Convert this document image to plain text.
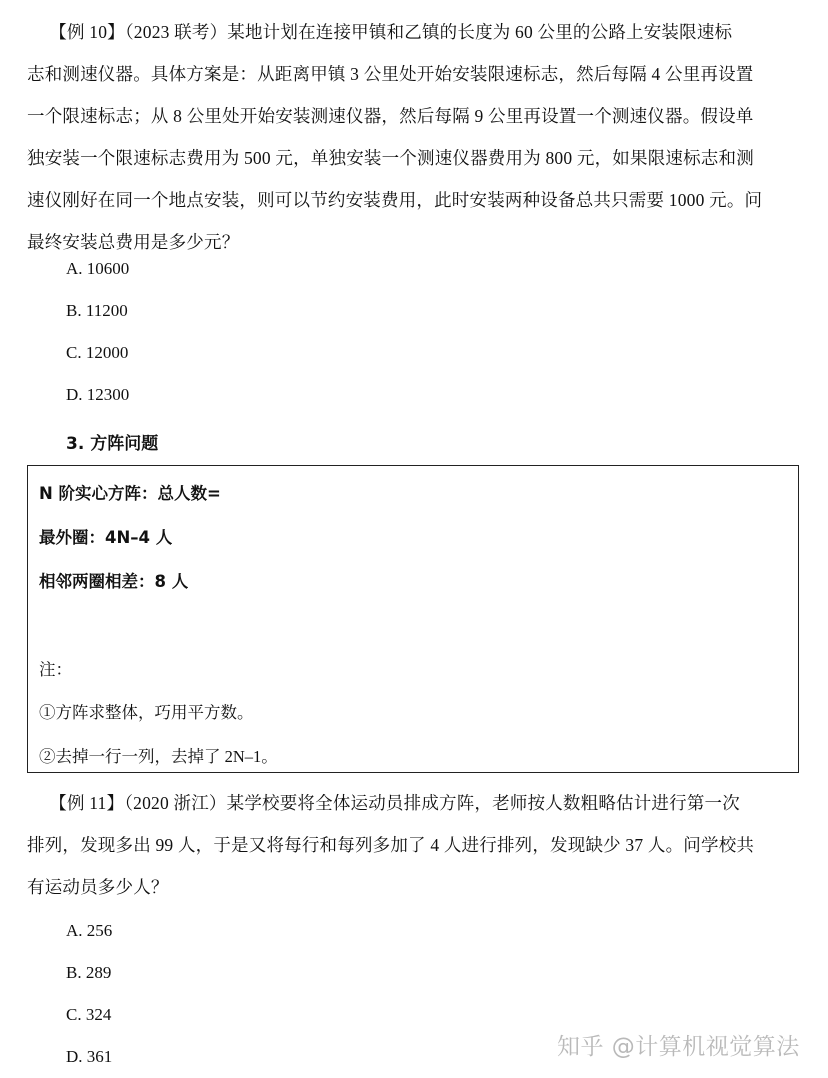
　 【例 10】（2023 联考）某地计划在连接甲镇和乙镇的长度为 60 公里的公路上安装限速标
志和测速仪器。具体方案是：从距离甲镇 3 公里处开始安装限速标志，然后每隔 4 公里再设置
一个限速标志；从 8 公里处开始安装测速仪器，然后每隔 9 公里再设置一个测速仪器。假设单
独安装一个限速标志费用为 500 元，单独安装一个测速仪器费用为 800 元，如果限速标志和测
速仪刚好在同一个地点安装，则可以节约安装费用，此时安装两种设备总共只需要 1000 元。问
最终安装总费用是多少元？
A. 10600
B. 11200
C. 12000
D. 12300
3. 方阵问题
N 阶实心方阵：总人数=
最外圈：4N–4 人
相邻两圈相差：8 人
注：
①方阵求整体，巧用平方数。
②去掉一行一列，去掉了 2N–1。
　 【例 11】（2020 浙江）某学校要将全体运动员排成方阵，老师按人数粗略估计进行第一次
排列，发现多出 99 人，于是又将每行和每列多加了 4 人进行排列，发现缺少 37 人。问学校共
有运动员多少人？
A. 256
B. 289
C. 324
D. 361	知乎 @计算机视觉算法
